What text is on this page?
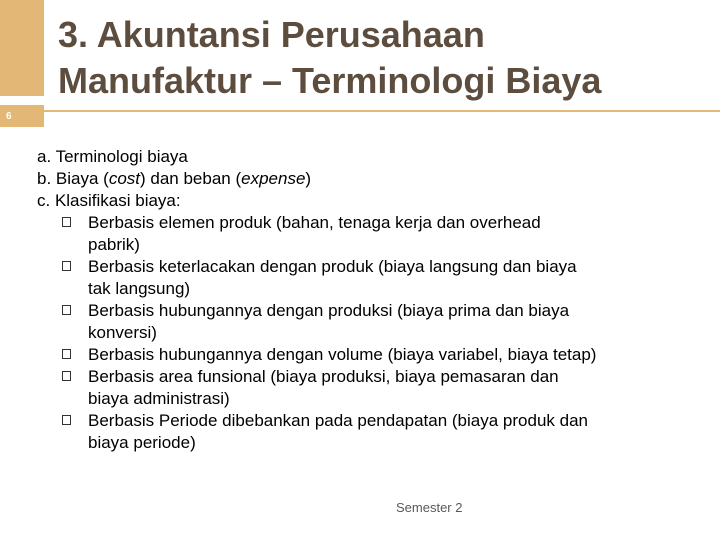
6
3. Akuntansi Perusahaan
Manufaktur – Terminologi Biaya
a. Terminologi biaya
b. Biaya (cost) dan beban (expense)
c. Klasifikasi biaya:
Berbasis elemen produk (bahan, tenaga kerja dan overhead
pabrik)
Berbasis keterlacakan dengan produk (biaya langsung dan biaya
tak langsung)
Berbasis hubungannya dengan produksi (biaya prima dan biaya
konversi)
Berbasis hubungannya dengan volume (biaya variabel, biaya tetap)
Berbasis area funsional (biaya produksi, biaya pemasaran dan
biaya administrasi)
Berbasis Periode dibebankan pada pendapatan (biaya produk dan
biaya periode)
Semester 2
